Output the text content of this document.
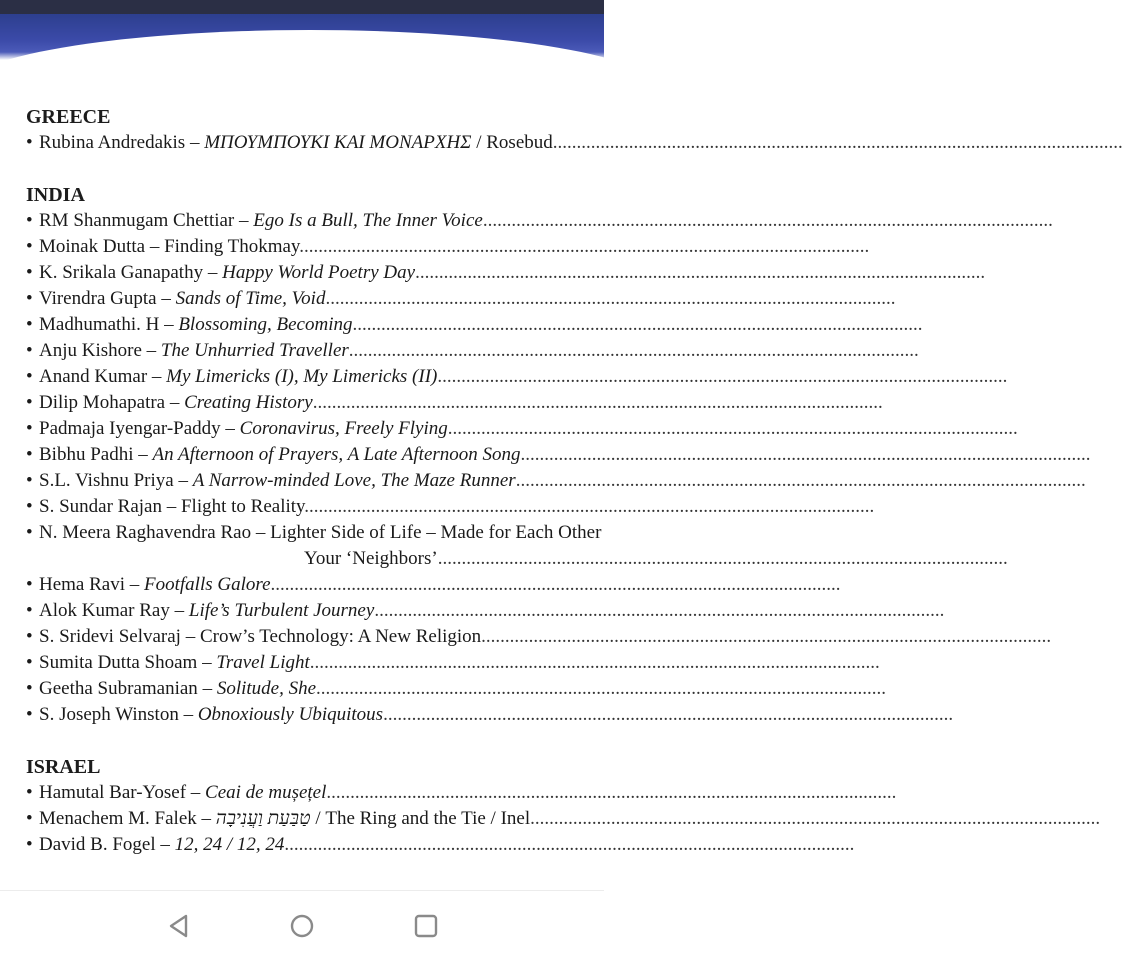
GREECE
• Rubina Andredakis – ΜΠΟΥΜΠΟΥΚΙ ΚΑΙ ΜΟΝΑΡΧΗΣ / Rosebud........................................................................................................................
INDIA
• RM Shanmugam Chettiar – Ego Is a Bull, The Inner Voice........................................................................................................................
• Moinak Dutta – Finding Thokmay........................................................................................................................
• K. Srikala Ganapathy – Happy World Poetry Day........................................................................................................................
• Virendra Gupta – Sands of Time, Void........................................................................................................................
• Madhumathi. H – Blossoming, Becoming........................................................................................................................
• Anju Kishore – The Unhurried Traveller........................................................................................................................
• Anand Kumar – My Limericks (I), My Limericks (II)........................................................................................................................
• Dilip Mohapatra – Creating History........................................................................................................................
• Padmaja Iyengar-Paddy – Coronavirus, Freely Flying........................................................................................................................
• Bibhu Padhi – An Afternoon of Prayers, A Late Afternoon Song........................................................................................................................
• S.L. Vishnu Priya – A Narrow-minded Love, The Maze Runner........................................................................................................................
• S. Sundar Rajan – Flight to Reality........................................................................................................................
• N. Meera Raghavendra Rao – Lighter Side of Life – Made for Each Other
Your ‘Neighbors’........................................................................................................................
• Hema Ravi – Footfalls Galore........................................................................................................................
• Alok Kumar Ray – Life’s Turbulent Journey........................................................................................................................
• S. Sridevi Selvaraj – Crow’s Technology: A New Religion........................................................................................................................
• Sumita Dutta Shoam – Travel Light........................................................................................................................
• Geetha Subramanian – Solitude, She........................................................................................................................
• S. Joseph Winston – Obnoxiously Ubiquitous........................................................................................................................
ISRAEL
• Hamutal Bar-Yosef – Ceai de mușețel........................................................................................................................
• Menachem M. Falek – טַבַּעַת וַעֲנִיבָה / The Ring and the Tie / Inel........................................................................................................................
• David B. Fogel – 12, 24 / 12, 24........................................................................................................................
